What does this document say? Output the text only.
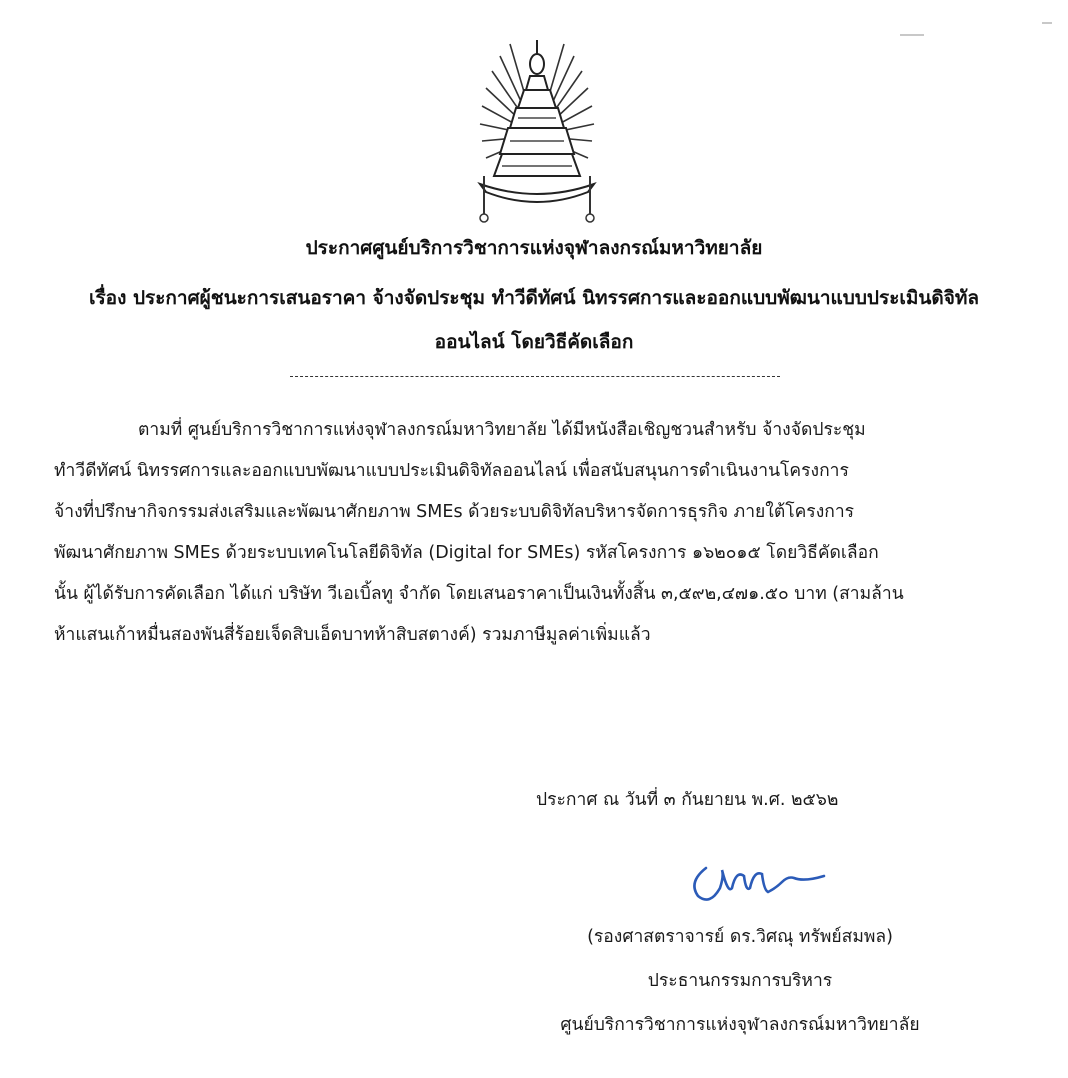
ประกาศศูนย์บริการวิชาการแห่งจุฬาลงกรณ์มหาวิทยาลัย
เรื่อง ประกาศผู้ชนะการเสนอราคา จ้างจัดประชุม ทำวีดีทัศน์ นิทรรศการและออกแบบพัฒนาแบบประเมินดิจิทัล
ออนไลน์ โดยวิธีคัดเลือก
ตามที่ ศูนย์บริการวิชาการแห่งจุฬาลงกรณ์มหาวิทยาลัย ได้มีหนังสือเชิญชวนสำหรับ จ้างจัดประชุม
ทำวีดีทัศน์ นิทรรศการและออกแบบพัฒนาแบบประเมินดิจิทัลออนไลน์ เพื่อสนับสนุนการดำเนินงานโครงการ
จ้างที่ปรึกษากิจกรรมส่งเสริมและพัฒนาศักยภาพ SMEs ด้วยระบบดิจิทัลบริหารจัดการธุรกิจ ภายใต้โครงการ
พัฒนาศักยภาพ SMEs ด้วยระบบเทคโนโลยีดิจิทัล (Digital for SMEs) รหัสโครงการ ๑๖๒๐๑๕ โดยวิธีคัดเลือก
นั้น ผู้ได้รับการคัดเลือก ได้แก่ บริษัท วีเอเบิ้ลทู จำกัด โดยเสนอราคาเป็นเงินทั้งสิ้น ๓,๕๙๒,๔๗๑.๕๐ บาท (สามล้าน
ห้าแสนเก้าหมื่นสองพันสี่ร้อยเจ็ดสิบเอ็ดบาทห้าสิบสตางค์) รวมภาษีมูลค่าเพิ่มแล้ว
ประกาศ ณ วันที่ ๓ กันยายน พ.ศ. ๒๕๖๒
(รองศาสตราจารย์ ดร.วิศณุ ทรัพย์สมพล)
ประธานกรรมการบริหาร
ศูนย์บริการวิชาการแห่งจุฬาลงกรณ์มหาวิทยาลัย
